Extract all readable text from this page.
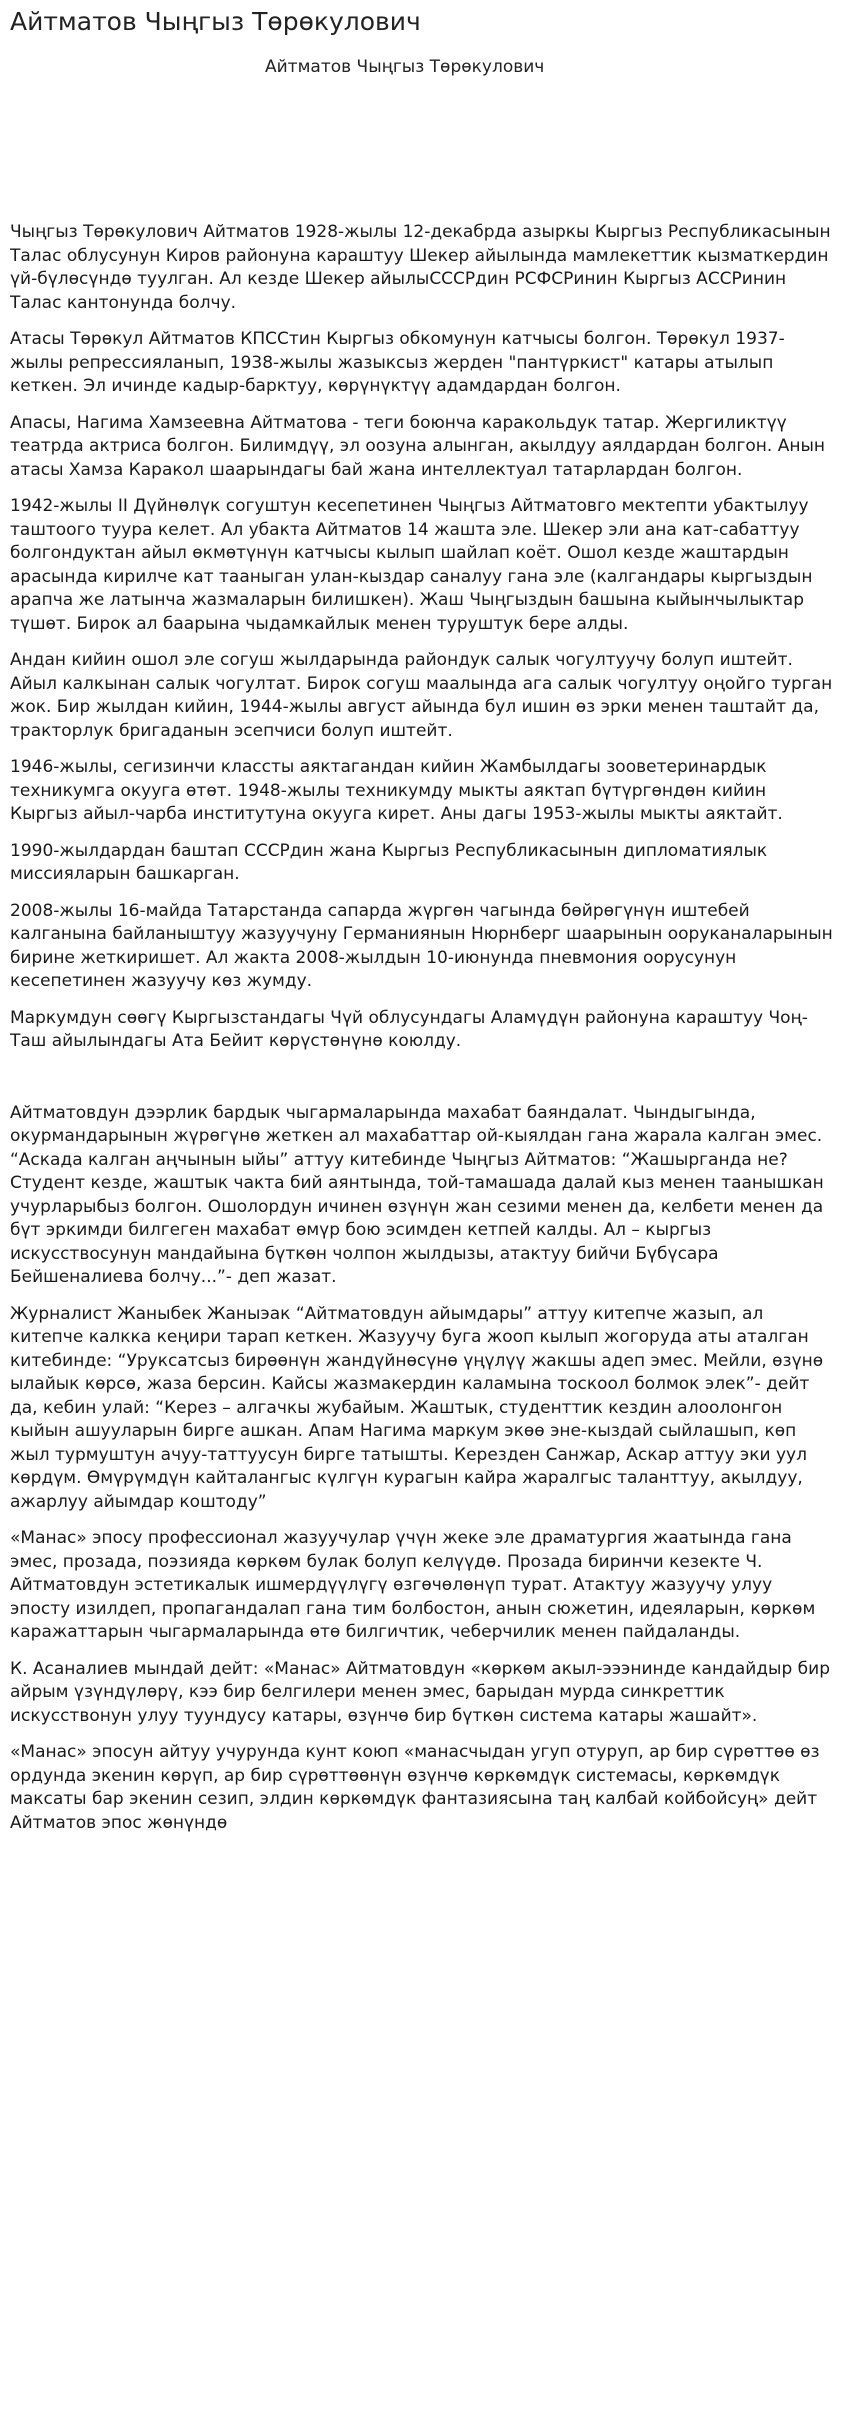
Айтматов Чыңгыз Төрөкулович
Айтматов Чыңгыз Төрөкулович

Чыңгыз Төрөкулович Айтматов 1928-жылы 12-декабрда азыркы Кыргыз Республикасынын Талас облусунун Киров районуна караштуу Шекер айылында мамлекеттик кызматкердин үй-бүлөсүндө туулган. Ал кезде Шекер айылыСССРдин РСФСРинин Кыргыз АССРинин Талас кантонунда болчу.

Атасы Төрөкул Айтматов КПССтин Кыргыз обкомунун катчысы болгон. Төрөкул 1937-жылы репрессияланып, 1938-жылы жазыксыз жерден "пантүркист" катары атылып кеткен. Эл ичинде кадыр-барктуу, көрүнүктүү адамдардан болгон.

Апасы, Нагима Хамзеевна Айтматова - теги боюнча каракольдук татар. Жергиликтүү театрда актриса болгон. Билимдүү, эл оозуна алынган, акылдуу аялдардан болгон. Анын атасы Хамза Каракол шаарындагы бай жана интеллектуал татарлардан болгон.

1942-жылы II Дүйнөлүк согуштун кесепетинен Чыңгыз Айтматовго мектепти убактылуу таштоого туура келет. Ал убакта Айтматов 14 жашта эле. Шекер эли ана кат-сабаттуу болгондуктан айыл өкмөтүнүн катчысы кылып шайлап коёт. Ошол кезде жаштардын арасында кирилче кат тааныган улан-кыздар саналуу гана эле (калгандары кыргыздын арапча же латынча жазмаларын билишкен). Жаш Чыңгыздын башына кыйынчылыктар түшөт. Бирок ал баарына чыдамкайлык менен туруштук бере алды.

Андан кийин ошол эле согуш жылдарында райондук салык чогултуучу болуп иштейт. Айыл калкынан салык чогултат. Бирок согуш маалында ага салык чогултуу оңойго турган жок. Бир жылдан кийин, 1944-жылы август айында бул ишин өз эрки менен таштайт да, тракторлук бригаданын эсепчиси болуп иштейт.

1946-жылы, сегизинчи классты аяктагандан кийин Жамбылдагы зооветеринардык техникумга окууга өтөт. 1948-жылы техникумду мыкты аяктап бүтүргөндөн кийин Кыргыз айыл-чарба институтуна окууга кирет. Аны дагы 1953-жылы мыкты аяктайт.

1990-жылдардан баштап СССРдин жана Кыргыз Республикасынын дипломатиялык миссияларын башкарган.

2008-жылы 16-майда Татарстанда сапарда жүргөн чагында бөйрөгүнүн иштебей калганына байланыштуу жазуучуну Германиянын Нюрнберг шаарынын ооруканаларынын бирине жеткиришет. Ал жакта 2008-жылдын 10-июнунда пневмония оорусунун кесепетинен жазуучу көз жумду.

Маркумдун сөөгү Кыргызстандагы Чүй облусундагы Аламүдүн районуна караштуу Чоң-Таш айылындагы Ата Бейит көрүстөнүнө коюлду.

Айтматовдун дээрлик бардык чыгармаларында махабат баяндалат. Чындыгында, окурмандарынын жүрөгүнө жеткен ал махабаттар ой-кыялдан гана жарала калган эмес. “Аскада калган аңчынын ыйы” аттуу китебинде Чыңгыз Айтматов: “Жашырганда не? Студент кезде, жаштык чакта бий аянтында, той-тамашада далай кыз менен таанышкан учурларыбыз болгон. Ошолордун ичинен өзүнүн жан сезими менен да, келбети менен да бүт эркимди билгеген махабат өмүр бою эсимден кетпей калды. Ал – кыргыз искусствосунун мандайына бүткөн чолпон жылдызы, атактуу бийчи Бүбүсара Бейшеналиева болчу...”- деп жазат.

Журналист Жаныбек Жаныэак “Айтматовдун айымдары” аттуу китепче жазып, ал китепче калкка кеңири тарап кеткен. Жазуучу буга жооп кылып жогоруда аты аталган китебинде: “Урукcатсыз бирөөнүн жандүйнөсүнө үңүлүү жакшы адеп эмес. Мейли, өзүнө ылайык көрсө, жаза берсин. Кайсы жазмакердин каламына тоскоол болмок элек”- дейт да, кебин улай: “Керез – алгачкы жубайым. Жаштык, студенттик кездин алоолонгон кыйын ашууларын бирге ашкан. Апам Нагима маркум экөө эне-кыздай сыйлашып, көп жыл турмуштун ачуу-таттуусун бирге татышты. Керезден Санжар, Аскар аттуу эки уул көрдүм. Өмүрүмдүн кайталангыс күлгүн курагын кайра жаралгыс таланттуу, акылдуу, ажарлуу айымдар коштоду”

«Манас» эпосу профессионал жазуучулар үчүн жеке эле драматургия жаатында гана эмес, прозада, поэзияда көркөм булак болуп келүүдө. Прозада биринчи кезекте Ч. Айтматовдун эстетикалык ишмердүүлүгү өзгөчөлөнүп турат. Атактуу жазуучу улуу эпосту изилдеп, пропагандалап гана тим болбостон, анын сюжетин, идеяларын, көркөм каражаттарын чыгармаларында өтө билгичтик, чеберчилик менен пайдаланды.

К. Асаналиев мындай дейт: «Манас» Айтматовдун «көркөм акыл-эээнинде кандайдыр бир айрым үзүндүлөрү, кээ бир белгилери менен эмес, барыдан мурда синкреттик искусствонун улуу туундусу катары, өзүнчө бир бүткөн система катары жашайт».

«Манас» эпосун айтуу учурунда кунт коюп «манасчыдан угуп отуруп, ар бир сүрөттөө өз ордунда экенин көрүп, ар бир сүрөттөөнүн өзүнчө көркөмдүк системасы, көркөмдүк максаты бар экенин сезип, элдин көркөмдүк фантазиясына таң калбай койбойсуң» дейт Айтматов эпос жөнүндө
